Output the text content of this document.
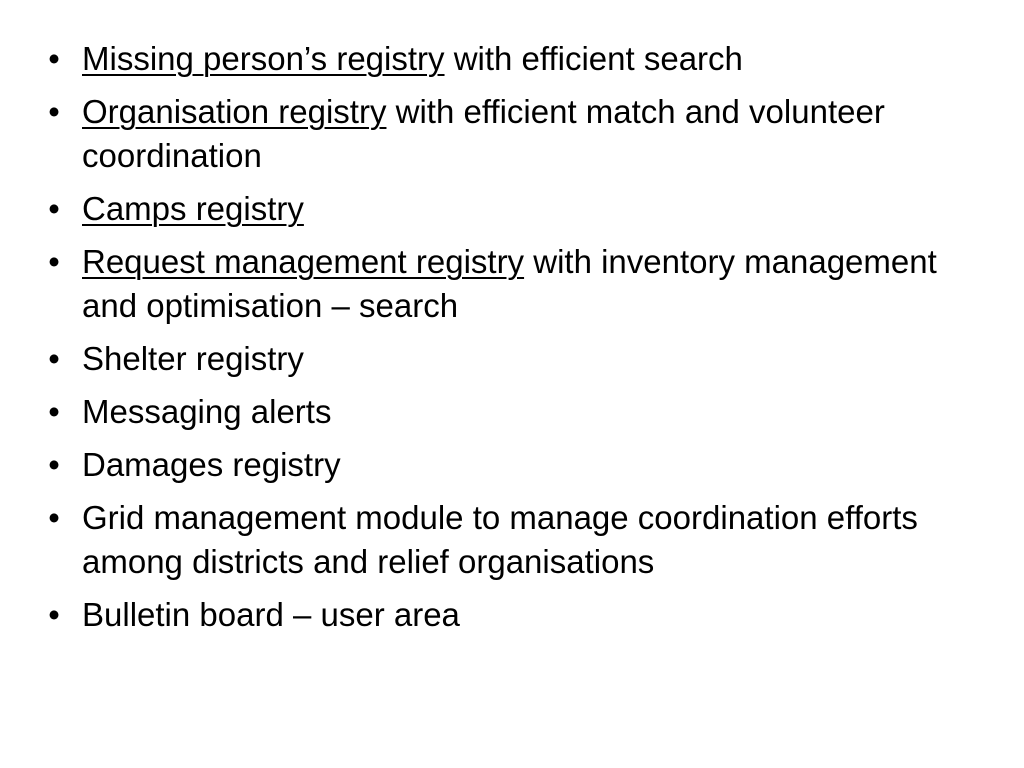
• Missing person’s registry with efficient search
• Organisation registry with efficient match and volunteer coordination
• Camps registry
• Request management registry with inventory management and optimisation – search
• Shelter registry
• Messaging alerts
• Damages registry
• Grid management module to manage coordination efforts among districts and relief organisations
• Bulletin board – user area
